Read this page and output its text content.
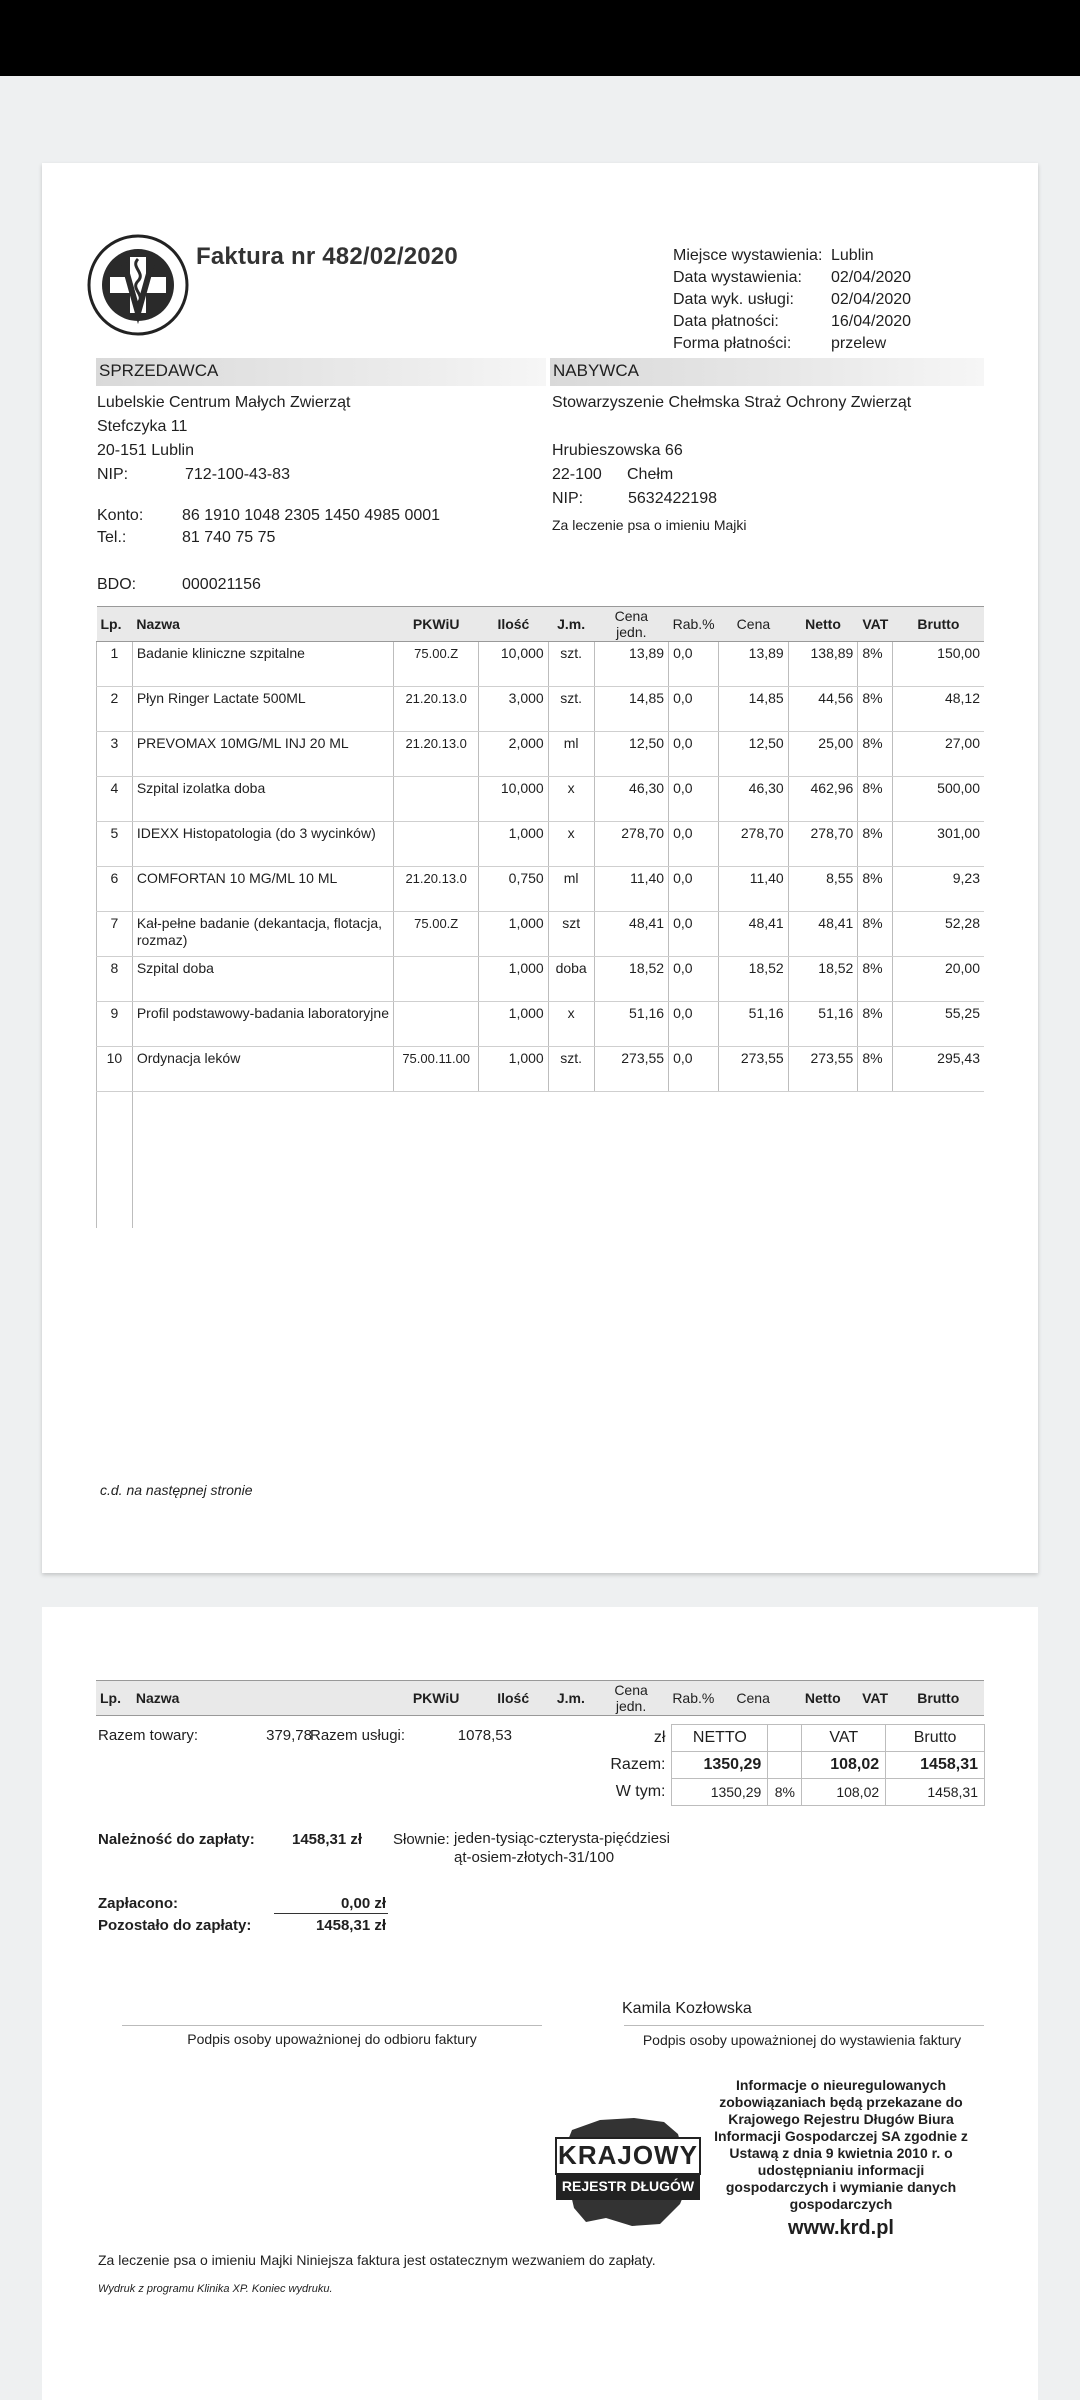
Faktura nr 482/02/2020	Miejsce wystawienia: Lublin
Data wystawienia: 02/04/2020
Data wyk. usługi: 02/04/2020
Data płatności:	16/04/2020
Forma płatności: przelew
SPRZEDAWCA	NABYWCA
Lubelskie Centrum Małych Zwierząt
Stefczyka 11
20-151 Lublin
NIP:	712-100-43-83
Konto: 86 1910 1048 2305 1450 4985 0001
Tel.:	81 740 75 75
BDO:	000021156
Stowarzyszenie Chełmska Straż Ochrony Zwierząt
Hrubieszowska 66
22-100 Chełm
NIP:	5632422198
Za leczenie psa o imieniu Majki
Lp.	Nazwa	PKWiU	Ilość	J.m.	Cena jedn.	Rab.%	Cena	Netto	VAT	Brutto
1	Badanie kliniczne szpitalne	75.00.Z	10,000	szt.	13,89	0,0	13,89	138,89	8%	150,00
2	Płyn Ringer Lactate 500ML	21.20.13.0	3,000	szt.	14,85	0,0	14,85	44,56	8%	48,12
3	PREVOMAX 10MG/ML INJ 20 ML	21.20.13.0	2,000	ml	12,50	0,0	12,50	25,00	8%	27,00
4	Szpital izolatka doba		10,000	x	46,30	0,0	46,30	462,96	8%	500,00
5	IDEXX Histopatologia (do 3 wycinków)		1,000	x	278,70	0,0	278,70	278,70	8%	301,00
6	COMFORTAN 10 MG/ML 10 ML	21.20.13.0	0,750	ml	11,40	0,0	11,40	8,55	8%	9,23
7	Kał-pełne badanie (dekantacja, flotacja, rozmaz)	75.00.Z	1,000	szt	48,41	0,0	48,41	48,41	8%	52,28
8	Szpital doba		1,000	doba	18,52	0,0	18,52	18,52	8%	20,00
9	Profil podstawowy-badania laboratoryjne		1,000	x	51,16	0,0	51,16	51,16	8%	55,25
10	Ordynacja leków	75.00.11.00	1,000	szt.	273,55	0,0	273,55	273,55	8%	295,43

c.d. na następnej stronie
Lp.	Nazwa	PKWiU	Ilość	J.m.	Cena jedn.	Rab.%	Cena	Netto	VAT	Brutto
Razem towary:	379,78
Razem usługi:	1078,53	zł	NETTO		VAT	Brutto
Razem:	1350,29		108,02	1458,31
W tym:	1350,29	8%	108,02	1458,31
Należność do zapłaty: 1458,31 zł Słownie: jeden-tysiąc-czterysta-pięćdziesiąt-osiem-złotych-31/100
Zapłacono:	0,00 zł
Pozostało do zapłaty:	1458,31 zł
Kamila Kozłowska
Podpis osoby upoważnionej do odbioru faktury	Podpis osoby upoważnionej do wystawienia faktury
KRAJOWY
REJESTR DŁUGÓW
Informacje o nieuregulowanych zobowiązaniach będą przekazane do Krajowego Rejestru Długów Biura Informacji Gospodarczej SA zgodnie z Ustawą z dnia 9 kwietnia 2010 r. o udostępnianiu informacji gospodarczych i wymianie danych gospodarczych
www.krd.pl
Za leczenie psa o imieniu Majki Niniejsza faktura jest ostatecznym wezwaniem do zapłaty.
Wydruk z programu Klinika XP. Koniec wydruku.
